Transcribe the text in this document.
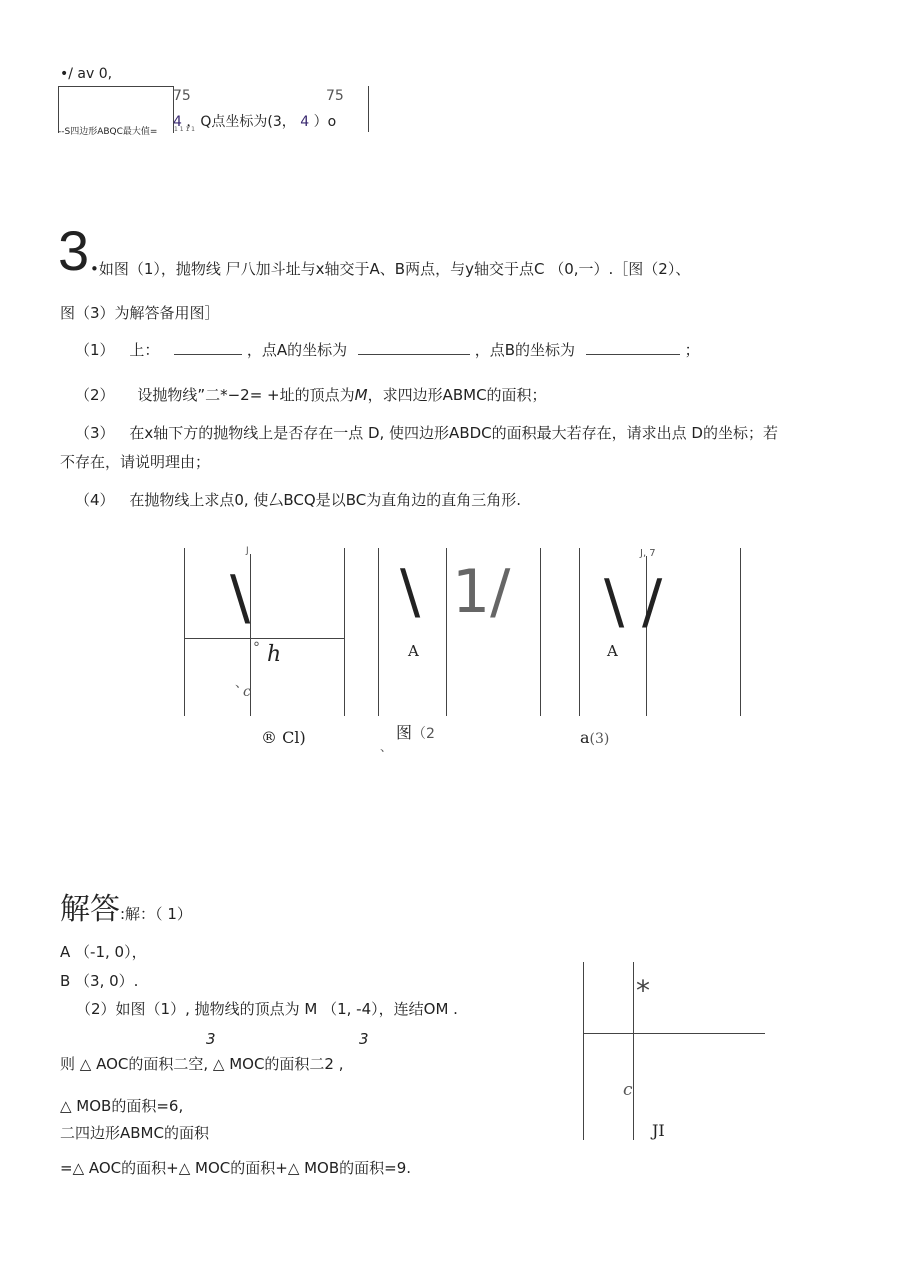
•/ av 0,
--S四边形ABQC最大值=
75	75
4 ，Q点坐标为(3， 4 ）o
1 1 1 1
3 •如图（1），抛物线 尸八加斗址与x轴交于A、B两点，与y轴交于点C （0,一）.［图（2）、
图（3）为解答备用图］
（1） 上：	，点A的坐标为	，点B的坐标为	；
（2） 设抛物线”二*−2= +址的顶点为M，求四边形ABMC的面积；
（3） 在x轴下方的抛物线上是否存在一点 D, 使四边形ABDC的面积最大若存在，请求出点 D的坐标；若
不存在，请说明理由；
（4） 在抛物线上求点0, 使厶BCQ是以BC为直角边的直角三角形.
J
\
° h
、
c
® Cl)
\ 1/
A
图（2
、
J, 7
\ /
A
a(3)
解答:解：（ 1）
A （-1, 0），
B （3, 0）.
（2）如图（1）, 抛物线的顶点为 M （1, -4），连结OM .
3	3
则 △ AOC的面积二空, △ MOC的面积二2 ,
△ MOB的面积=6,
二四边形ABMC的面积
=△ AOC的面积+△ MOC的面积+△ MOB的面积=9.
*
c
JI
